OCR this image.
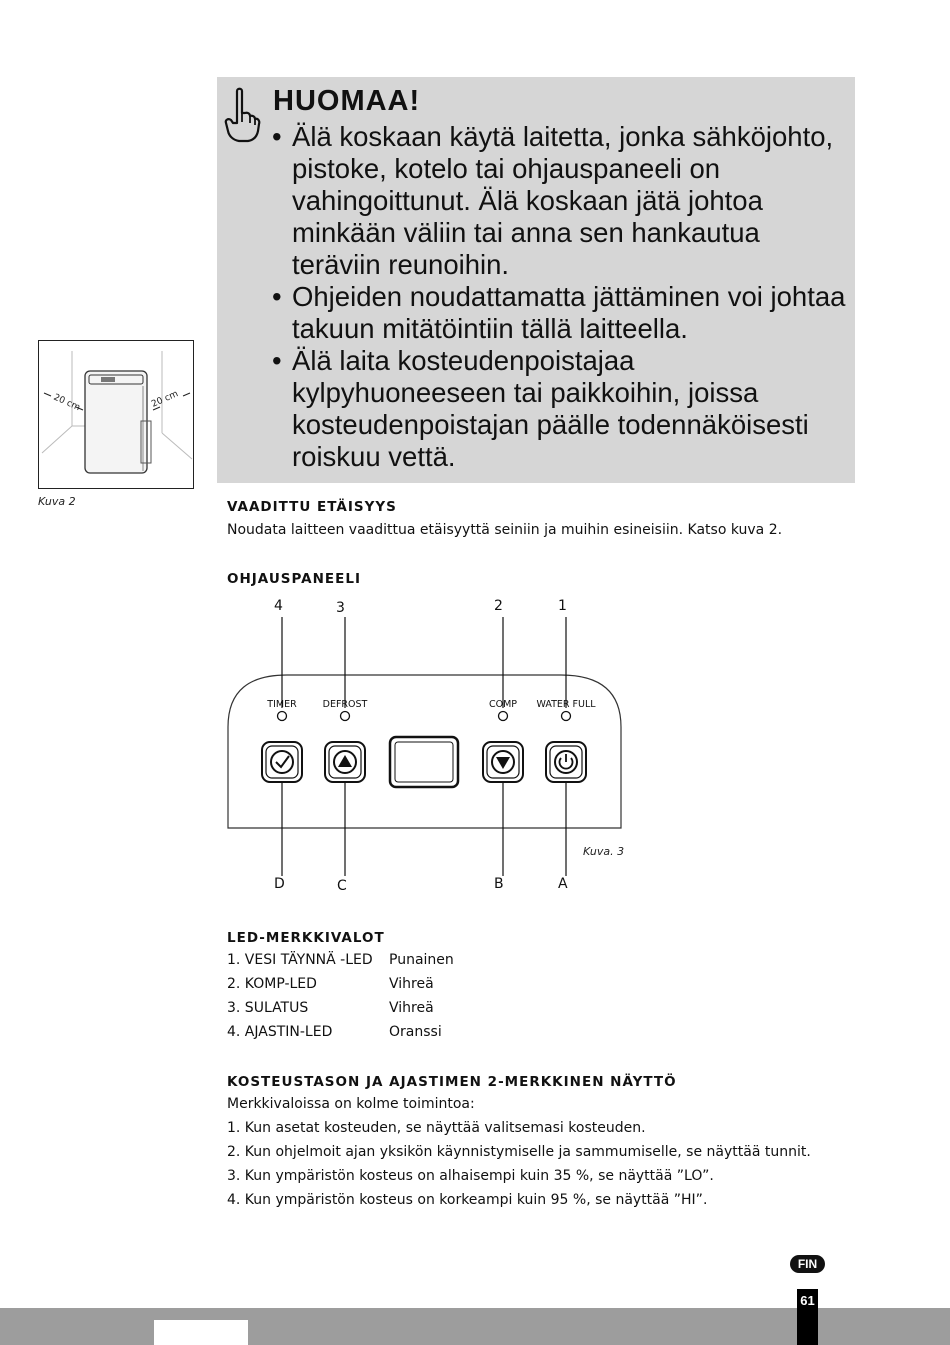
HUOMAA!
• Älä koskaan käytä laitetta, jonka sähköjohto, pistoke, kotelo tai ohjauspaneeli on vahingoittunut. Älä koskaan jätä johtoa minkään väliin tai anna sen hankautua teräviin reunoihin.
• Ohjeiden noudattamatta jättäminen voi johtaa takuun mitätöintiin tällä laitteella.
• Älä laita kosteudenpoistajaa kylpyhuoneeseen tai paikkoihin, joissa kosteudenpoistajan päälle todennäköisesti roiskuu vettä.
20 cm	20 cm
Kuva 2	VAADITTU ETÄISYYS

Noudata laitteen vaadittua etäisyyttä seiniin ja muihin esineisiin. Katso kuva 2.

OHJAUSPANEELI
4	3	2	1
TIMER	DEFROST	COMP WATER FULL
D	C	B	A
Kuva. 3
LED-MERKKIVALOT
1. VESI TÄYNNÄ -LED Punainen
2. KOMP-LED	Vihreä
3. SULATUS	Vihreä
4. AJASTIN-LED	Oranssi
KOSTEUSTASON JA AJASTIMEN 2-MERKKINEN NÄYTTÖ
Merkkivaloissa on kolme toimintoa:
1. Kun asetat kosteuden, se näyttää valitsemasi kosteuden.
2. Kun ohjelmoit ajan yksikön käynnistymiselle ja sammumiselle, se näyttää tunnit.
3. Kun ympäristön kosteus on alhaisempi kuin 35 %, se näyttää ”LO”.
4. Kun ympäristön kosteus on korkeampi kuin 95 %, se näyttää ”HI”.
FIN
61
